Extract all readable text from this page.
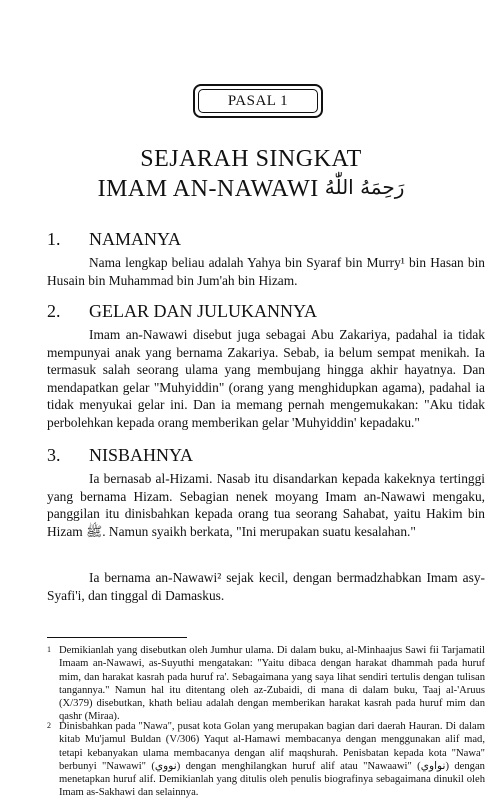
PASAL 1
SEJARAH SINGKAT
IMAM AN-NAWAWI رَحِمَهُ اللّٰهُ
1.	NAMANYA

Nama lengkap beliau adalah Yahya bin Syaraf bin Murry¹ bin Hasan bin Husain bin Muhammad bin Jum'ah bin Hizam.

2.	GELAR DAN JULUKANNYA

Imam an-Nawawi disebut juga sebagai Abu Zakariya, padahal ia tidak mempunyai anak yang bernama Zakariya. Sebab, ia belum sempat menikah. Ia termasuk salah seorang ulama yang membujang hingga akhir hayatnya. Dan mendapatkan gelar "Muhyiddin" (orang yang menghidupkan agama), padahal ia tidak menyukai gelar ini. Dan ia memang pernah mengemukakan: "Aku tidak perbolehkan kepada orang memberikan gelar 'Muhyiddin' kepadaku."

3.	NISBAHNYA

Ia bernasab al-Hizami. Nasab itu disandarkan kepada kakeknya tertinggi yang bernama Hizam. Sebagian nenek moyang Imam an-Nawawi mengaku, panggilan itu dinisbahkan kepada orang tua seorang Sahabat, yaitu Hakim bin Hizam ﷺ. Namun syaikh berkata, "Ini merupakan suatu kesalahan."

Ia bernama an-Nawawi² sejak kecil, dengan bermadzhabkan Imam asy-Syafi'i, dan tinggal di Damaskus.

1 Demikianlah yang disebutkan oleh Jumhur ulama. Di dalam buku, al-Minhaajus Sawi fii Tarjamatil Imaam an-Nawawi, as-Suyuthi mengatakan: "Yaitu dibaca dengan harakat dhammah pada huruf mim, dan harakat kasrah pada huruf ra'. Sebagaimana yang saya lihat sendiri tertulis dengan tulisan tangannya." Namun hal itu ditentang oleh az-Zubaidi, di mana di dalam buku, Taaj al-'Aruus (X/379) disebutkan, khath beliau adalah dengan memberikan harakat kasrah pada huruf mim dan qashr (Miraa).
2 Dinisbahkan pada "Nawa", pusat kota Golan yang merupakan bagian dari daerah Hauran. Di dalam kitab Mu'jamul Buldan (V/306) Yaqut al-Hamawi membacanya dengan menggunakan alif mad, tetapi kebanyakan ulama membacanya dengan alif maqshurah. Penisbatan kepada kota "Nawa" berbunyi "Nawawi" (نووي) dengan menghilangkan huruf alif atau "Nawaawi" (نواوي) dengan menetapkan huruf alif. Demikianlah yang ditulis oleh penulis biografinya sebagaimana dinukil oleh Imam as-Sakhawi dan selainnya.
